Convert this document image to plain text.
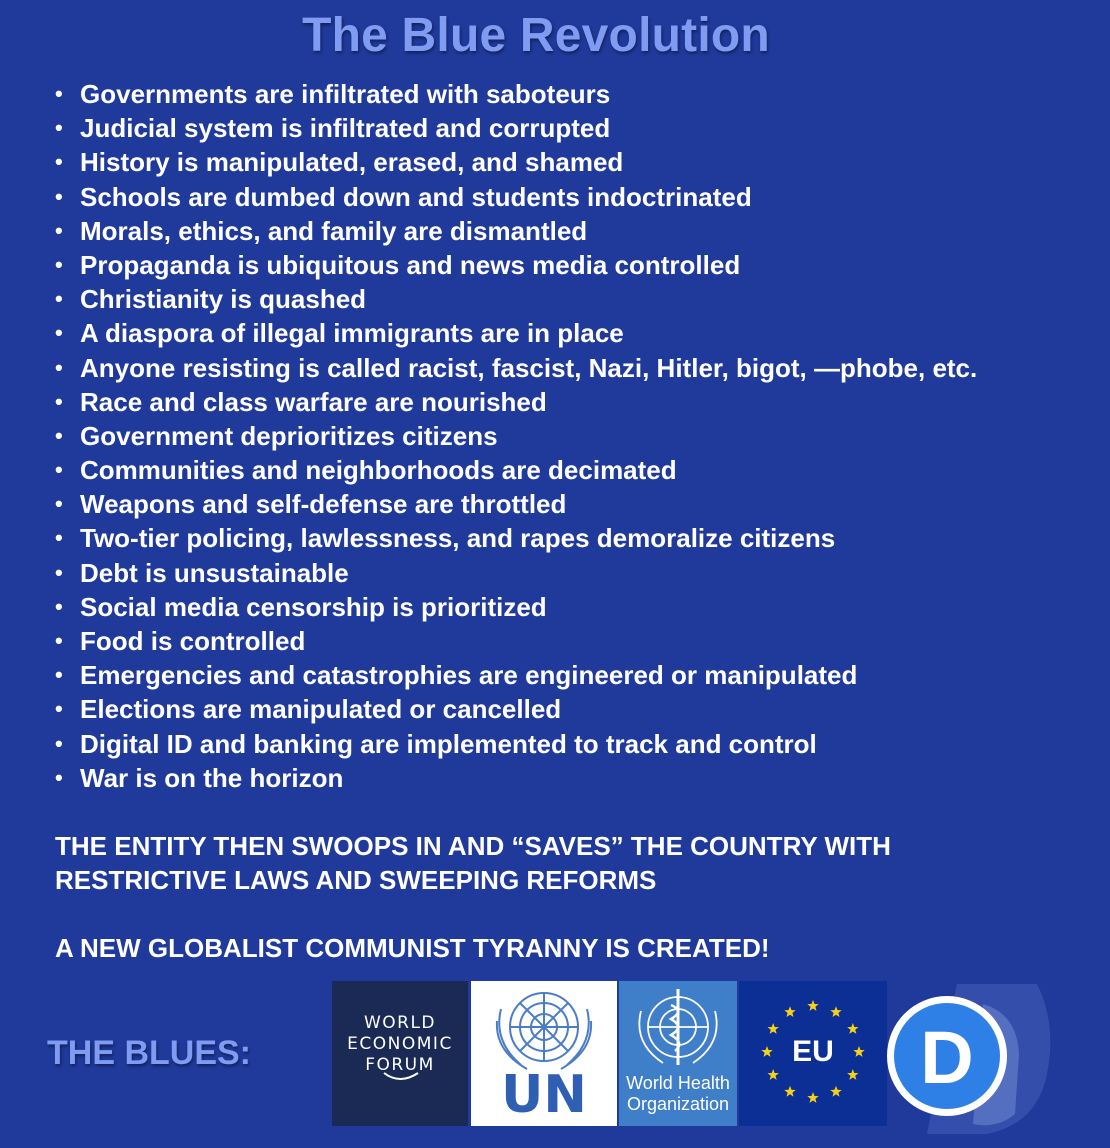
The Blue Revolution
• Governments are infiltrated with saboteurs
• Judicial system is infiltrated and corrupted
• History is manipulated, erased, and shamed
• Schools are dumbed down and students indoctrinated
• Morals, ethics, and family are dismantled
• Propaganda is ubiquitous and news media controlled
• Christianity is quashed
• A diaspora of illegal immigrants are in place
• Anyone resisting is called racist, fascist, Nazi, Hitler, bigot, —phobe, etc.
• Race and class warfare are nourished
• Government deprioritizes citizens
• Communities and neighborhoods are decimated
• Weapons and self-defense are throttled
• Two-tier policing, lawlessness, and rapes demoralize citizens
• Debt is unsustainable
• Social media censorship is prioritized
• Food is controlled
• Emergencies and catastrophies are engineered or manipulated
• Elections are manipulated or cancelled
• Digital ID and banking are implemented to track and control
• War is on the horizon
THE ENTITY THEN SWOOPS IN AND “SAVES” THE COUNTRY WITH RESTRICTIVE LAWS AND SWEEPING REFORMS
A NEW GLOBALIST COMMUNIST TYRANNY IS CREATED!
THE BLUES:
WORLD
ECONOMIC
FORUM	UN	World Health
Organization
EU	D
